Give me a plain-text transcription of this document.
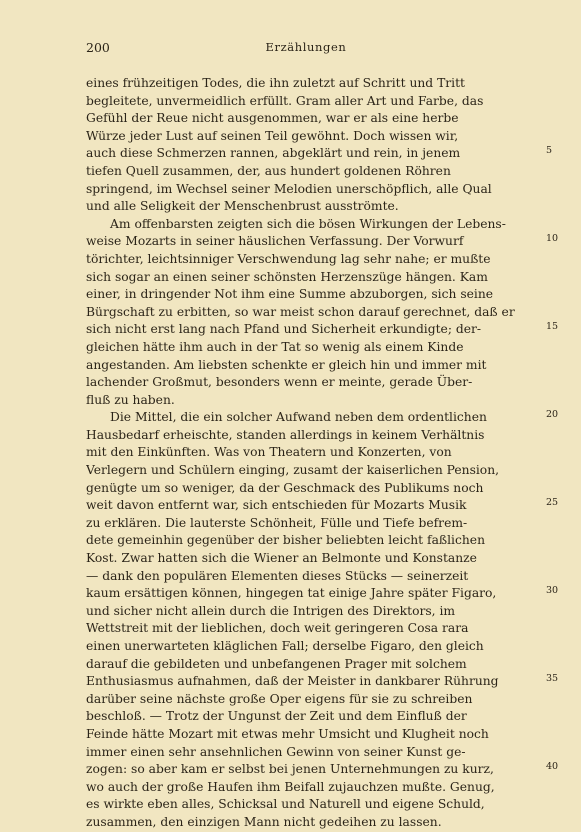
200	Erzählungen
eines frühzeitigen Todes, die ihn zuletzt auf Schritt und Tritt
begleitete, unvermeidlich erfüllt. Gram aller Art und Farbe, das
Gefühl der Reue nicht ausgenommen, war er als eine herbe
Würze jeder Lust auf seinen Teil gewöhnt. Doch wissen wir,
auch diese Schmerzen rannen, abgeklärt und rein, in jenem
tiefen Quell zusammen, der, aus hundert goldenen Röhren
springend, im Wechsel seiner Melodien unerschöpflich, alle Qual
und alle Seligkeit der Menschenbrust ausströmte.
Am offenbarsten zeigten sich die bösen Wirkungen der Lebens-
weise Mozarts in seiner häuslichen Verfassung. Der Vorwurf
törichter, leichtsinniger Verschwendung lag sehr nahe; er mußte
sich sogar an einen seiner schönsten Herzenszüge hängen. Kam
einer, in dringender Not ihm eine Summe abzuborgen, sich seine
Bürgschaft zu erbitten, so war meist schon darauf gerechnet, daß er
sich nicht erst lang nach Pfand und Sicherheit erkundigte; der-
gleichen hätte ihm auch in der Tat so wenig als einem Kinde
angestanden. Am liebsten schenkte er gleich hin und immer mit
lachender Großmut, besonders wenn er meinte, gerade Über-
fluß zu haben.
Die Mittel, die ein solcher Aufwand neben dem ordentlichen
Hausbedarf erheischte, standen allerdings in keinem Verhältnis
mit den Einkünften. Was von Theatern und Konzerten, von
Verlegern und Schülern einging, zusamt der kaiserlichen Pension,
genügte um so weniger, da der Geschmack des Publikums noch
weit davon entfernt war, sich entschieden für Mozarts Musik
zu erklären. Die lauterste Schönheit, Fülle und Tiefe befrem-
dete gemeinhin gegenüber der bisher beliebten leicht faßlichen
Kost. Zwar hatten sich die Wiener an Belmonte und Konstanze
— dank den populären Elementen dieses Stücks — seinerzeit
kaum ersättigen können, hingegen tat einige Jahre später Figaro,
und sicher nicht allein durch die Intrigen des Direktors, im
Wettstreit mit der lieblichen, doch weit geringeren Cosa rara
einen unerwarteten kläglichen Fall; derselbe Figaro, den gleich
darauf die gebildeten und unbefangenen Prager mit solchem
Enthusiasmus aufnahmen, daß der Meister in dankbarer Rührung
darüber seine nächste große Oper eigens für sie zu schreiben
beschloß. — Trotz der Ungunst der Zeit und dem Einfluß der
Feinde hätte Mozart mit etwas mehr Umsicht und Klugheit noch
immer einen sehr ansehnlichen Gewinn von seiner Kunst ge-
zogen: so aber kam er selbst bei jenen Unternehmungen zu kurz,
wo auch der große Haufen ihm Beifall zujauchzen mußte. Genug,
es wirkte eben alles, Schicksal und Naturell und eigene Schuld,
zusammen, den einzigen Mann nicht gedeihen zu lassen.
5
10
15
20
25
30
35
40
